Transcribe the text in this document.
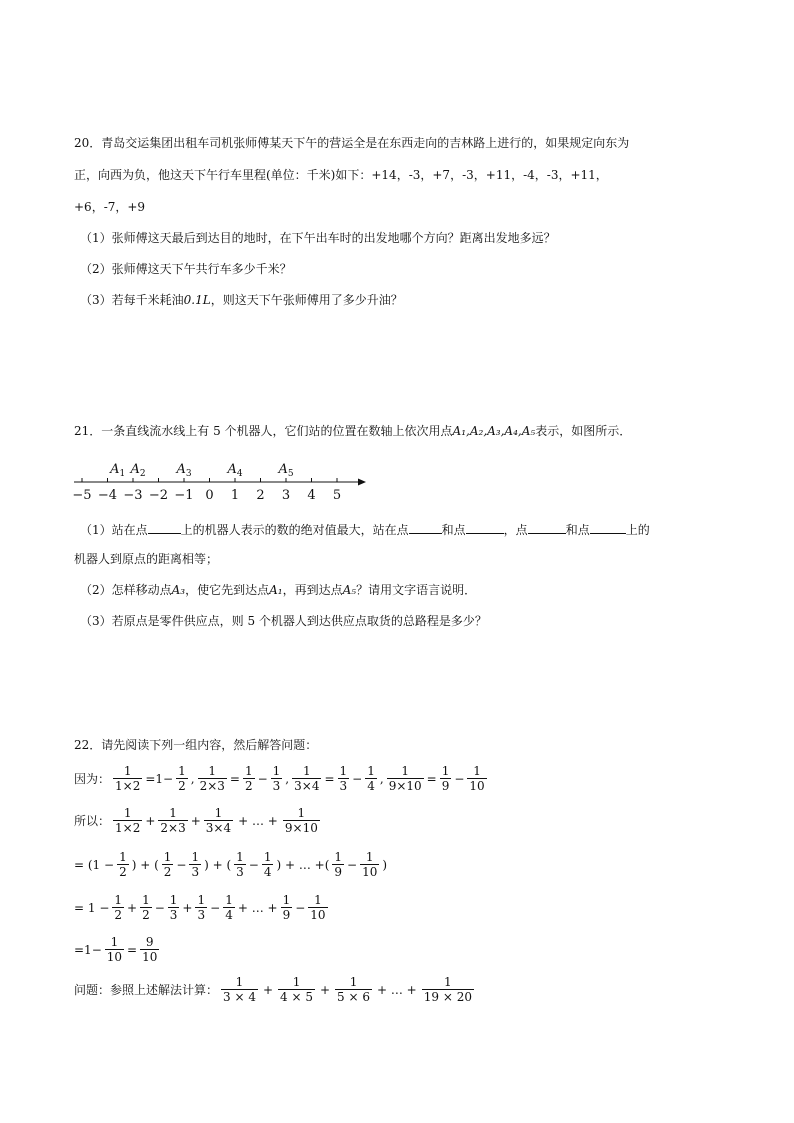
20．青岛交运集团出租车司机张师傅某天下午的营运全是在东西走向的吉林路上进行的，如果规定向东为
正，向西为负，他这天下午行车里程(单位：千米)如下：+14，-3，+7，-3，+11，-4，-3，+11，
+6，-7，+9
（1）张师傅这天最后到达目的地时，在下午出车时的出发地哪个方向？距离出发地多远？
（2）张师傅这天下午共行车多少千米？
（3）若每千米耗油0.1L，则这天下午张师傅用了多少升油？
21．一条直线流水线上有 5 个机器人，它们站的位置在数轴上依次用点A₁,A₂,A₃,A₄,A₅表示，如图所示．
−5 −4 −3 −2 −1 0 1 2 3 4 5
$A_1$ $A_2$ $A_3$	$A_4$	$A_5$
（1）站在点	上的机器人表示的数的绝对值最大，站在点	和点	，点	和点	上的
机器人到原点的距离相等；
（2）怎样移动点A₃，使它先到达点A₁，再到达点A₅？请用文字语言说明．
（3）若原点是零件供应点，则 5 个机器人到达供应点取货的总路程是多少？
22．请先阅读下列一组内容，然后解答问题：
因为： $\frac{1}{1\times 2} =1- \frac{1}{2}$ , $\frac{1}{2\times 3} = \frac{1}{2} - \frac{1}{3}$ , $\frac{1}{3\times 4} = \frac{1}{3} - \frac{1}{4}$ , $\frac{1}{9\times 10} = \frac{1}{9} - \frac{1}{10}$
所以： $\frac{1}{1\times 2} + \frac{1}{2\times 3} + \frac{1}{3\times 4}$ + … + $\frac{1}{9\times 10}$
= ($1 - \frac{1}{2}$ ) + ( $\frac{1}{2} - \frac{1}{3}$ ) + ( $\frac{1}{3} - \frac{1}{4}$ ) + … +( $\frac{1}{9} - \frac{1}{10}$ )
= $1 - \frac{1}{2} + \frac{1}{2} - \frac{1}{3} + \frac{1}{3} - \frac{1}{4}$ + … + $\frac{1}{9} - \frac{1}{10}$
$=1- \frac{1}{10} = \frac{9}{10}$
问题：参照上述解法计算： $\frac{1}{3 \times 4} + \frac{1}{4 \times 5} + \frac{1}{5 \times 6}$ + … + $\frac{1}{19 \times 20}$
